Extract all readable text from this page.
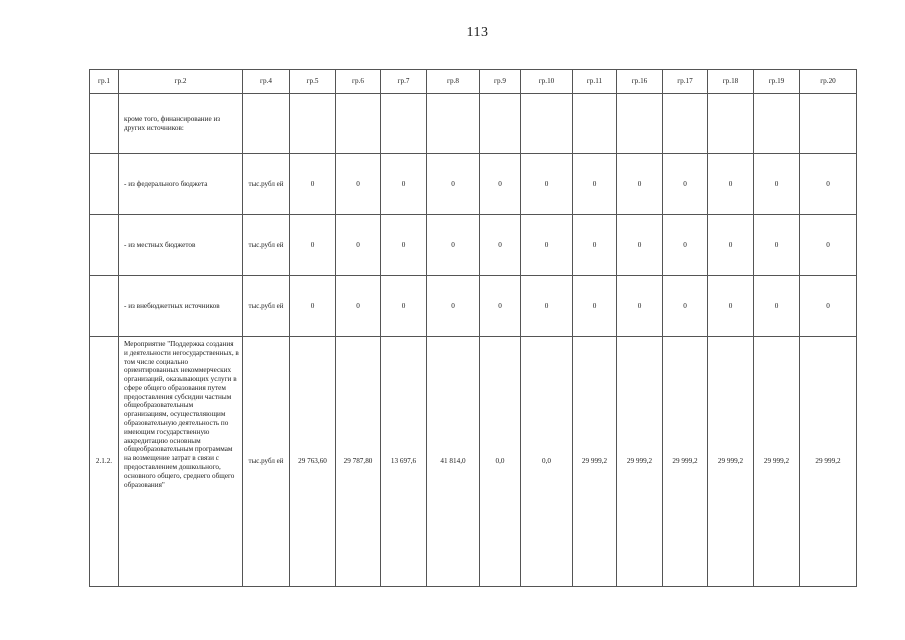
113
гр.1	гр.2	гр.4	гр.5	гр.6	гр.7	гр.8	гр.9	гр.10	гр.11	гр.16	гр.17	гр.18	гр.19	гр.20
	кроме того, финансирование из других источников:													
	- из федерального бюджета	тыс.рубл ей	0	0	0	0	0	0	0	0	0	0	0	0
	- из местных бюджетов	тыс.рубл ей	0	0	0	0	0	0	0	0	0	0	0	0
	- из внебюджетных источников	тыс.рубл ей	0	0	0	0	0	0	0	0	0	0	0	0
2.1.2.	Мероприятие "Поддержка создания и деятельности негосударственных, в том числе социально ориентированных некоммерческих организаций, оказывающих услуги в сфере общего образования путем предоставления субсидии частным общеобразовательным организациям, осуществляющим образовательную деятельность по имеющим государственную аккредитацию основным общеобразовательным программам на возмещение затрат в связи с предоставлением дошкольного, основного общего, среднего общего образования"	тыс.рубл ей	29 763,60	29 787,80	13 697,6	41 814,0	0,0	0,0	29 999,2	29 999,2	29 999,2	29 999,2	29 999,2	29 999,2
